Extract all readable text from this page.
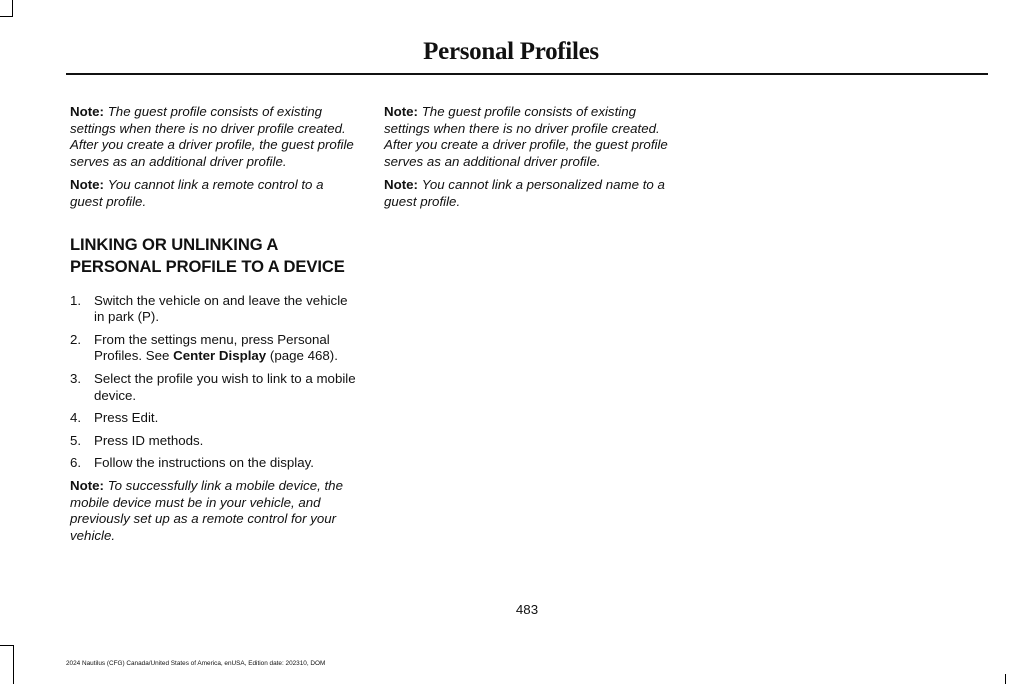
Personal Profiles

Note: The guest profile consists of existing settings when there is no driver profile created. After you create a driver profile, the guest profile serves as an additional driver profile.

Note: You cannot link a remote control to a guest profile.

LINKING OR UNLINKING A PERSONAL PROFILE TO A DEVICE
1. Switch the vehicle on and leave the vehicle in park (P).
2. From the settings menu, press Personal Profiles. See Center Display (page 468).
3. Select the profile you wish to link to a mobile device.
4. Press Edit.
5. Press ID methods.
6. Follow the instructions on the display.

Note: To successfully link a mobile device, the mobile device must be in your vehicle, and previously set up as a remote control for your vehicle.

Note: The guest profile consists of existing settings when there is no driver profile created. After you create a driver profile, the guest profile serves as an additional driver profile.

Note: You cannot link a personalized name to a guest profile.

483
2024 Nautilus (CFG) Canada/United States of America, enUSA, Edition date: 202310, DOM
